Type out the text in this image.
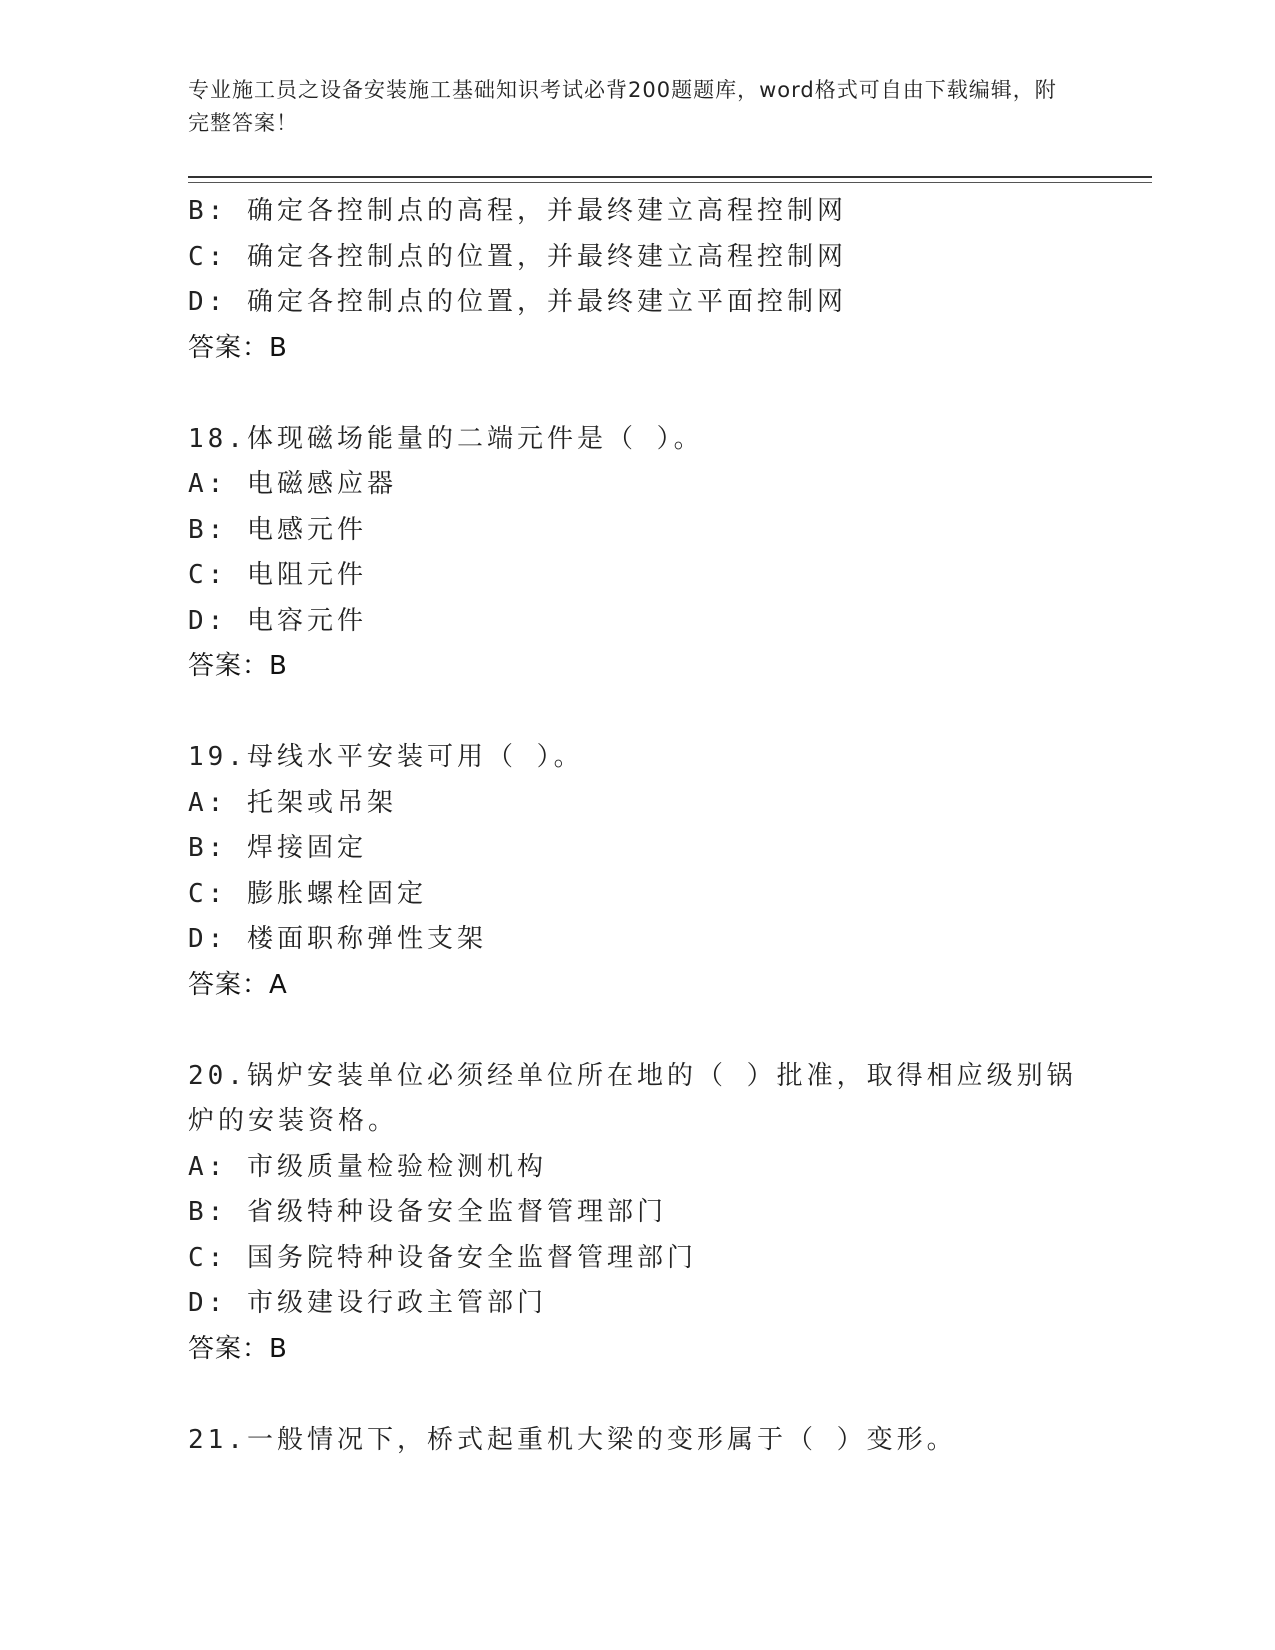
专业施工员之设备安装施工基础知识考试必背200题题库，word格式可自由下载编辑，附完整答案！
B: 确定各控制点的高程，并最终建立高程控制网
C: 确定各控制点的位置，并最终建立高程控制网
D: 确定各控制点的位置，并最终建立平面控制网
答案：B
18.体现磁场能量的二端元件是（ ）。
A: 电磁感应器
B: 电感元件
C: 电阻元件
D: 电容元件
答案：B
19.母线水平安装可用（ ）。
A: 托架或吊架
B: 焊接固定
C: 膨胀螺栓固定
D: 楼面职称弹性支架
答案：A
20.锅炉安装单位必须经单位所在地的（ ）批准，取得相应级别锅炉的安装资格。
A: 市级质量检验检测机构
B: 省级特种设备安全监督管理部门
C: 国务院特种设备安全监督管理部门
D: 市级建设行政主管部门
答案：B
21.一般情况下，桥式起重机大梁的变形属于（ ）变形。
